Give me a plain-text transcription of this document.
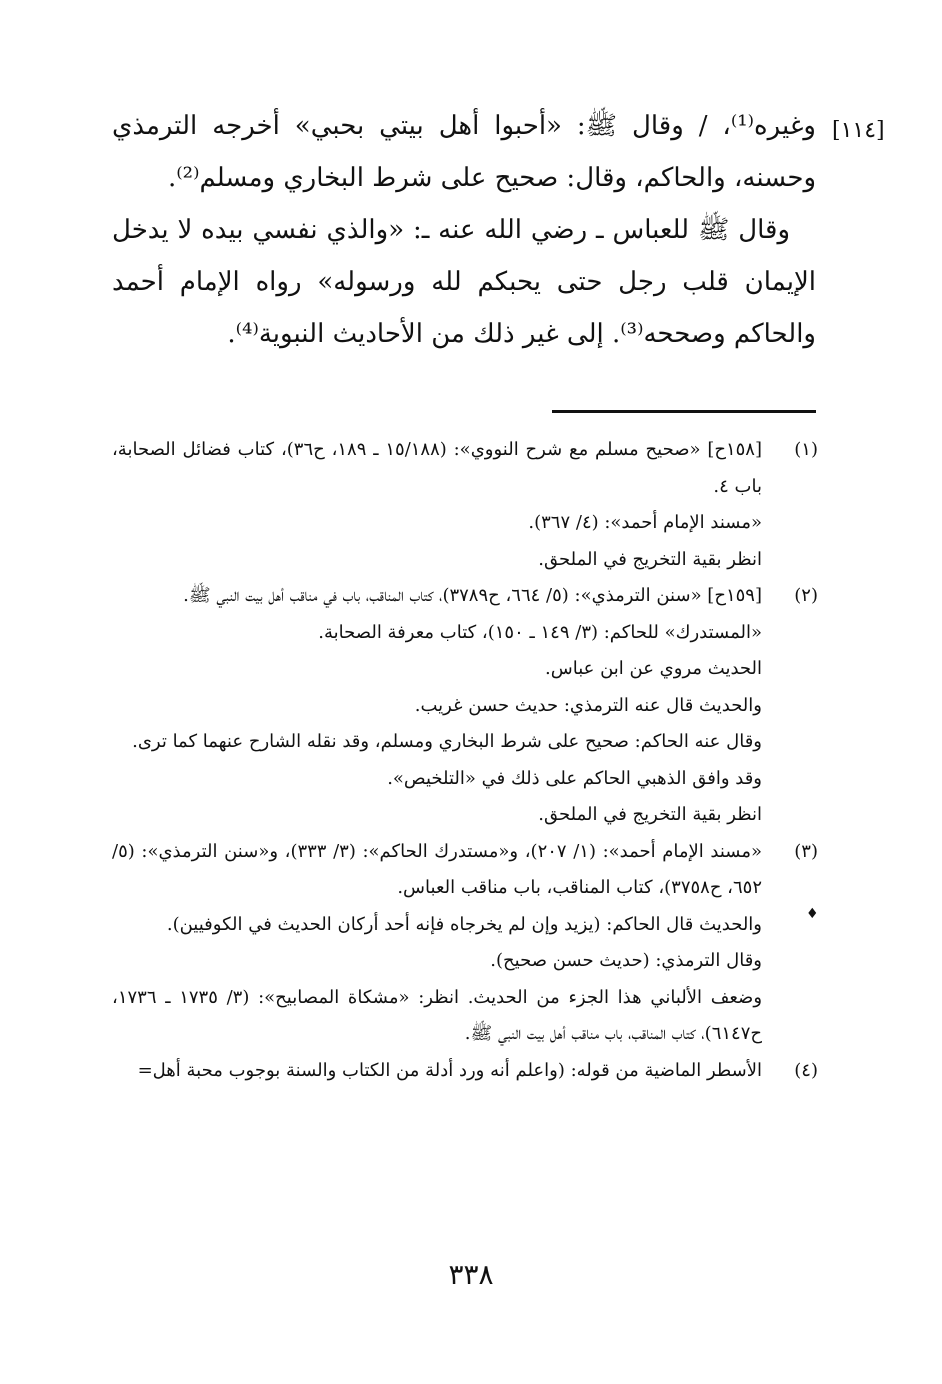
[١١٤]

وغيره⁽¹⁾، / وقال ﷺ: «أحبوا أهل بيتي بحبي» أخرجه الترمذي وحسنه، والحاكم، وقال: صحيح على شرط البخاري ومسلم⁽²⁾.

وقال ﷺ للعباس ـ رضي الله عنه ـ: «والذي نفسي بيده لا يدخل الإيمان قلب رجل حتى يحبكم لله ورسوله» رواه الإمام أحمد والحاكم وصححه⁽³⁾. إلى غير ذلك من الأحاديث النبوية⁽⁴⁾.

(١)

[١٥٨ح] «صحيح مسلم مع شرح النووي»: (١٥/١٨٨ ـ ١٨٩، ح٣٦)، كتاب فضائل الصحابة، باب ٤.

«مسند الإمام أحمد»: (٤/ ٣٦٧).

انظر بقية التخريج في الملحق.

(٢)

[١٥٩ح] «سنن الترمذي»: (٥/ ٦٦٤، ح٣٧٨٩)، كتاب المناقب، باب في مناقب أهل بيت النبي ﷺ.

«المستدرك» للحاكم: (٣/ ١٤٩ ـ ١٥٠)، كتاب معرفة الصحابة.

الحديث مروي عن ابن عباس.

والحديث قال عنه الترمذي: حديث حسن غريب.

وقال عنه الحاكم: صحيح على شرط البخاري ومسلم، وقد نقله الشارح عنهما كما ترى.

وقد وافق الذهبي الحاكم على ذلك في «التلخيص».

انظر بقية التخريج في الملحق.

(٣)

«مسند الإمام أحمد»: (١/ ٢٠٧)، و«مستدرك الحاكم»: (٣/ ٣٣٣)، و«سنن الترمذي»: (٥/ ٦٥٢، ح٣٧٥٨)، كتاب المناقب، باب مناقب العباس.

والحديث قال الحاكم: (يزيد وإن لم يخرجاه فإنه أحد أركان الحديث في الكوفيين).

وقال الترمذي: (حديث حسن صحيح).

وضعف الألباني هذا الجزء من الحديث. انظر: «مشكاة المصابيح»: (٣/ ١٧٣٥ ـ ١٧٣٦، ح٦١٤٧)، كتاب المناقب، باب مناقب أهل بيت النبي ﷺ.

(٤)

الأسطر الماضية من قوله: (واعلم أنه ورد أدلة من الكتاب والسنة بوجوب محبة أهل=

♦
٣٣٨
